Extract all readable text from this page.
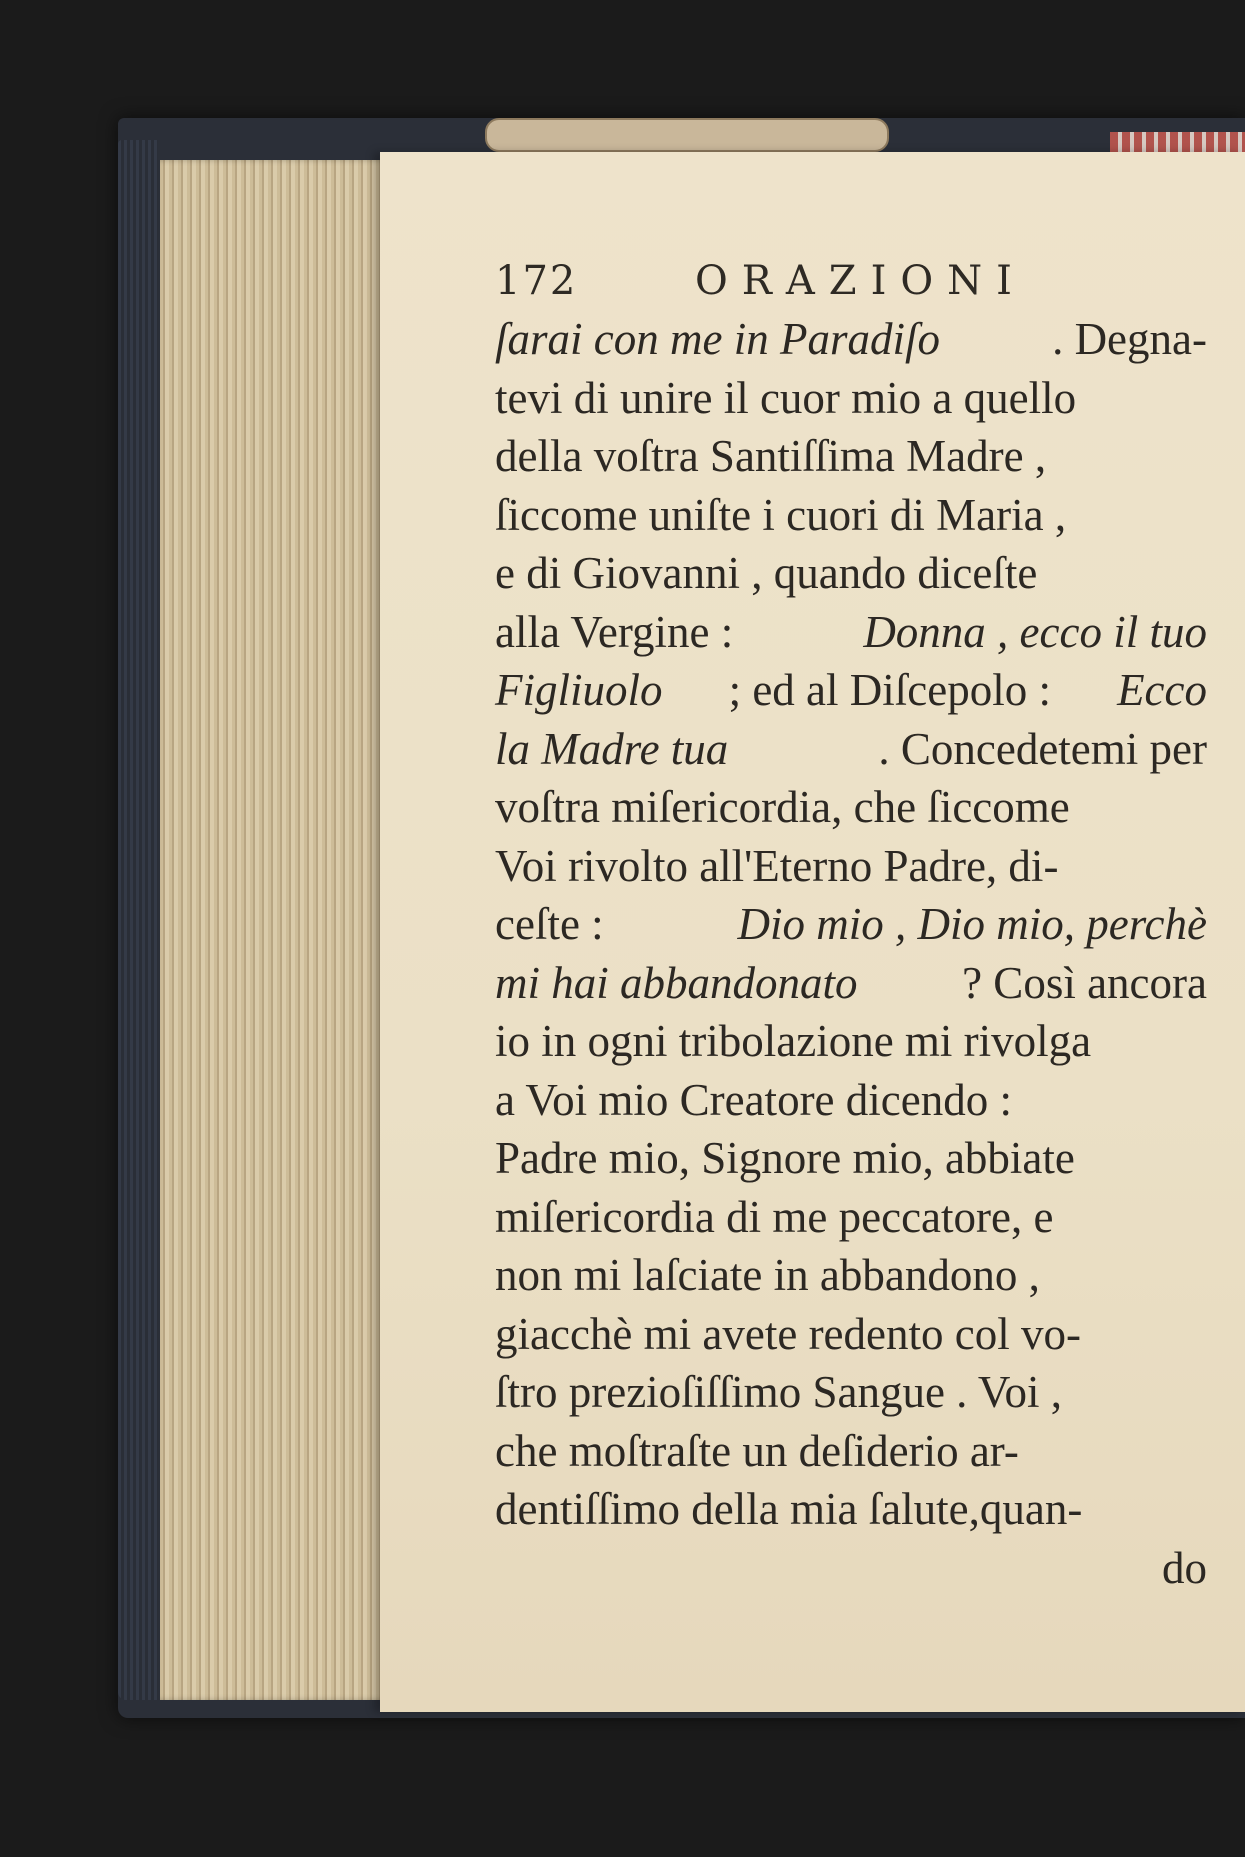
172	ORAZIONI
ſarai con me in Paradiſo . Degna-
tevi di unire il cuor mio a quello
della voſtra Santiſſima Madre ,
ſiccome uniſte i cuori di Maria ,
e di Giovanni , quando diceſte
alla Vergine :	Donna , ecco il tuo
Figliuolo ; ed al Diſcepolo : Ecco
la Madre tua	. Concedetemi per
voſtra miſericordia, che ſiccome
Voi rivolto all'Eterno Padre, di-
ceſte :	Dio mio , Dio mio, perchè
mi hai abbandonato ? Così ancora
io in ogni tribolazione mi rivolga
a Voi mio Creatore dicendo :
Padre mio, Signore mio, abbiate
miſericordia di me peccatore, e
non mi laſciate in abbandono ,
giacchè mi avete redento col vo-
ſtro prezioſiſſimo Sangue . Voi ,
che moſtraſte un deſiderio ar-
dentiſſimo della mia ſalute,quan-
do
